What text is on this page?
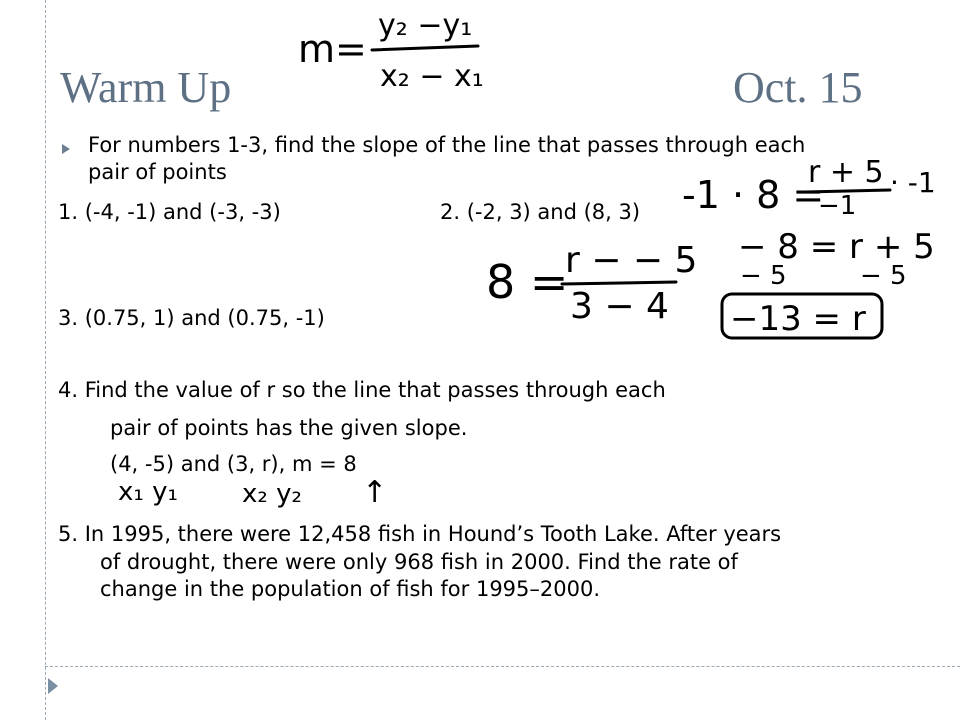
Warm Up	Oct. 15
For numbers 1-3, find the slope of the line that passes through each
pair of points
1. (-4, -1) and (-3, -3)	2. (-2, 3) and (8, 3)
3. (0.75, 1) and (0.75, -1)
4. Find the value of r so the line that passes through each
pair of points has the given slope.
(4, -5) and (3, r), m = 8
5. In 1995, there were 12,458 fish in Hound’s Tooth Lake. After years
of drought, there were only 968 fish in 2000. Find the rate of
change in the population of fish for 1995–2000.
m=
y₂ −y₁
x₂ − x₁
8 =
r − − 5
3 − 4
-1 · 8 =
r + 5
−1
· -1
− 8 = r + 5
− 5	− 5
−13 = r
x₁ y₁ x₂ y₂ ↑
